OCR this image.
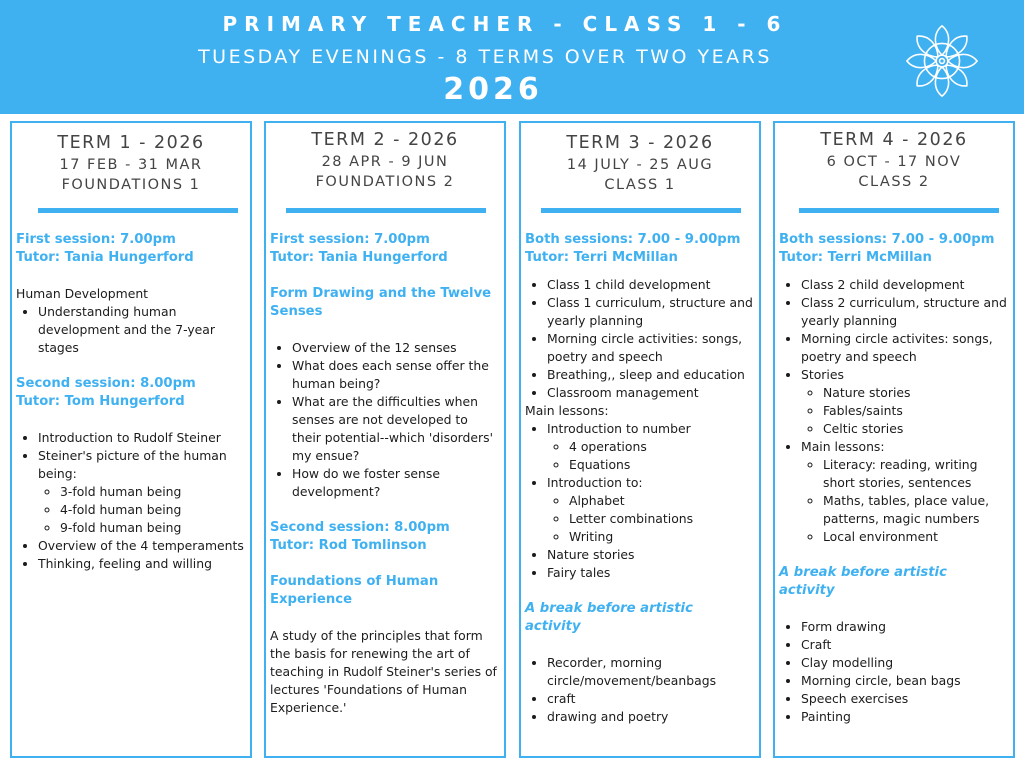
PRIMARY TEACHER - CLASS 1 - 6
TUESDAY EVENINGS - 8 TERMS OVER TWO YEARS
2026
TERM 1 - 2026
17 FEB - 31 MAR
FOUNDATIONS 1
First session: 7.00pm
Tutor: Tania Hungerford
Human Development
• Understanding human development and the 7-year stages
Second session: 8.00pm
Tutor: Tom Hungerford
• Introduction to Rudolf Steiner
• Steiner's picture of the human being:
◦ 3-fold human being
◦ 4-fold human being
◦ 9-fold human being
• Overview of the 4 temperaments
• Thinking, feeling and willing
TERM 2 - 2026
28 APR - 9 JUN
FOUNDATIONS 2
First session: 7.00pm
Tutor: Tania Hungerford
Form Drawing and the Twelve Senses
• Overview of the 12 senses
• What does each sense offer the human being?
• What are the difficulties when senses are not developed to their potential--which 'disorders' my ensue?
• How do we foster sense development?
Second session: 8.00pm
Tutor: Rod Tomlinson
Foundations of Human Experience
A study of the principles that form the basis for renewing the art of teaching in Rudolf Steiner's series of lectures 'Foundations of Human Experience.'
TERM 3 - 2026
14 JULY - 25 AUG
CLASS 1
Both sessions: 7.00 - 9.00pm
Tutor: Terri McMillan
• Class 1 child development
• Class 1 curriculum, structure and yearly planning
• Morning circle activities: songs, poetry and speech
• Breathing,, sleep and education
• Classroom management
Main lessons:
• Introduction to number
◦ 4 operations
◦ Equations
• Introduction to:
◦ Alphabet
◦ Letter combinations
◦ Writing
• Nature stories
• Fairy tales
A break before artistic activity
• Recorder, morning circle/movement/beanbags
• craft
• drawing and poetry
TERM 4 - 2026
6 OCT - 17 NOV
CLASS 2
Both sessions: 7.00 - 9.00pm
Tutor: Terri McMillan
• Class 2 child development
• Class 2 curriculum, structure and yearly planning
• Morning circle activites: songs, poetry and speech
• Stories
◦ Nature stories
◦ Fables/saints
◦ Celtic stories
• Main lessons:
◦ Literacy: reading, writing short stories, sentences
◦ Maths, tables, place value, patterns, magic numbers
◦ Local environment
A break before artistic activity
• Form drawing
• Craft
• Clay modelling
• Morning circle, bean bags
• Speech exercises
• Painting
